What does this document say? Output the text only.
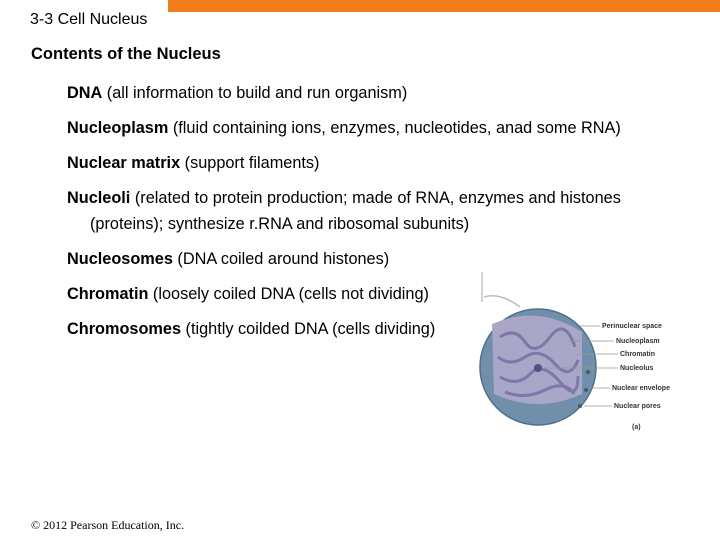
3-3 Cell Nucleus
Contents of the Nucleus
DNA (all information to build and run organism)
Nucleoplasm (fluid containing ions, enzymes, nucleotides, anad some RNA)
Nuclear matrix (support filaments)
Nucleoli (related to protein production; made of RNA, enzymes and histones (proteins); synthesize r.RNA and ribosomal subunits)
Nucleosomes (DNA coiled around histones)
Chromatin (loosely coiled DNA (cells not dividing)
Chromosomes (tightly coilded DNA (cells dividing)	Perinuclear space
Nucleoplasm
Chromatin
Nucleolus
Nuclear envelope
Nuclear pores
(a)
© 2012 Pearson Education, Inc.
